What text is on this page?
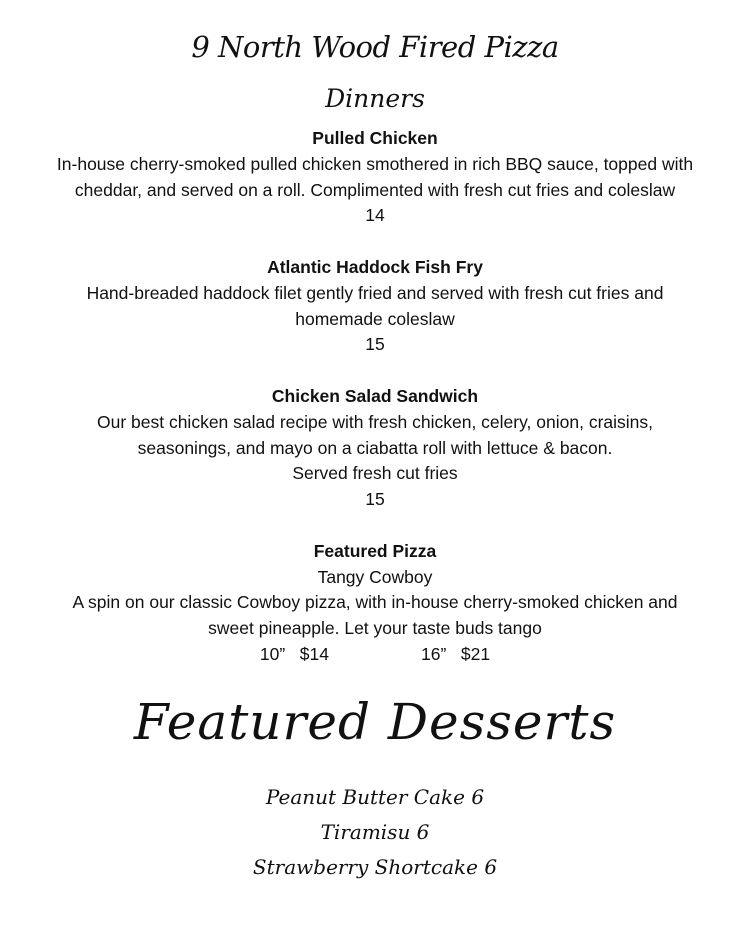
9 North Wood Fired Pizza
Dinners
Pulled Chicken
In-house cherry-smoked pulled chicken smothered in rich BBQ sauce, topped with
cheddar, and served on a roll. Complimented with fresh cut fries and coleslaw
14
Atlantic Haddock Fish Fry
Hand-breaded haddock filet gently fried and served with fresh cut fries and
homemade coleslaw
15
Chicken Salad Sandwich
Our best chicken salad recipe with fresh chicken, celery, onion, craisins,
seasonings, and mayo on a ciabatta roll with lettuce & bacon.
Served fresh cut fries
15
Featured Pizza
Tangy Cowboy
A spin on our classic Cowboy pizza, with in-house cherry-smoked chicken and
sweet pineapple. Let your taste buds tango
10” $14	16” $21
Featured Desserts
Peanut Butter Cake 6
Tiramisu 6
Strawberry Shortcake 6
